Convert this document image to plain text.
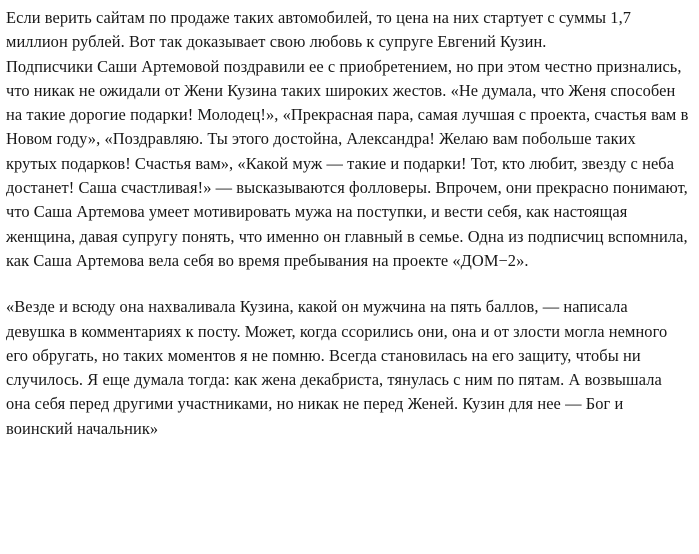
Если верить сайтам по продаже таких автомобилей, то цена на них стартует с суммы 1,7 миллион рублей. Вот так доказывает свою любовь к супруге Евгений Кузин.

Подписчики Саши Артемовой поздравили ее с приобретением, но при этом честно признались, что никак не ожидали от Жени Кузина таких широких жестов. «Не думала, что Женя способен на такие дорогие подарки! Молодец!», «Прекрасная пара, самая лучшая с проекта, счастья вам в Новом году», «Поздравляю. Ты этого достойна, Александра! Желаю вам побольше таких крутых подарков! Счастья вам», «Какой муж — такие и подарки! Тот, кто любит, звезду с неба достанет! Саша счастливая!» — высказываются фолловеры. Впрочем, они прекрасно понимают, что Саша Артемова умеет мотивировать мужа на поступки, и вести себя, как настоящая женщина, давая супругу понять, что именно он главный в семье. Одна из подписчиц вспомнила, как Саша Артемова вела себя во время пребывания на проекте «ДОМ−2».

«Везде и всюду она нахваливала Кузина, какой он мужчина на пять баллов, — написала девушка в комментариях к посту. Может, когда ссорились они, она и от злости могла немного его обругать, но таких моментов я не помню. Всегда становилась на его защиту, чтобы ни случилось. Я еще думала тогда: как жена декабриста, тянулась с ним по пятам. А возвышала она себя перед другими участниками, но никак не перед Женей. Кузин для нее — Бог и воинский начальник»
